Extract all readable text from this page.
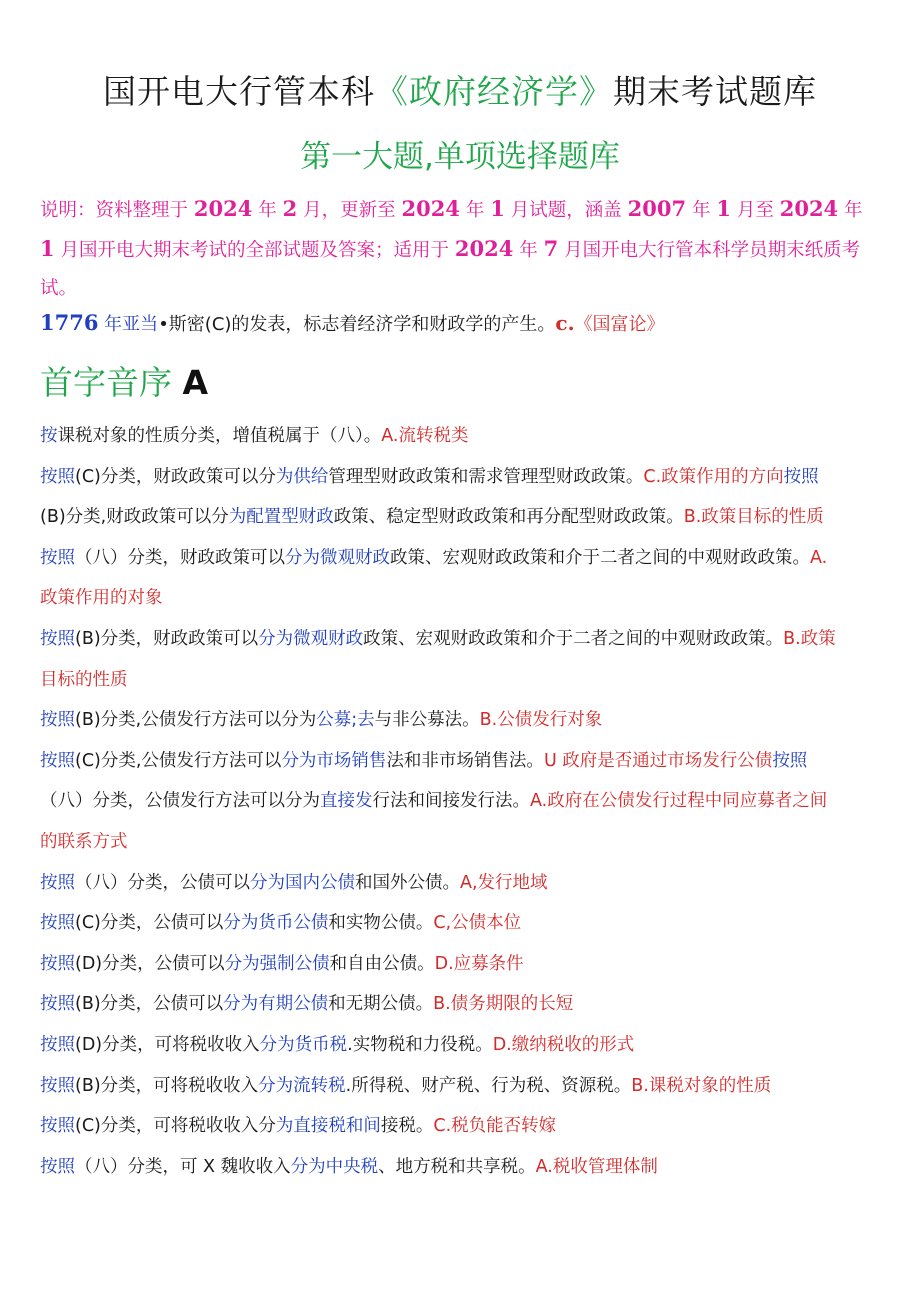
国开电大行管本科《政府经济学》期末考试题库
第一大题,单项选择题库
说明：资料整理于 2024 年 2 月，更新至 2024 年 1 月试题，涵盖 2007 年 1 月至 2024 年 1 月国开电大期末考试的全部试题及答案；适用于 2024 年 7 月国开电大行管本科学员期末纸质考试。
1776 年亚当•斯密(C)的发表，标志着经济学和财政学的产生。c.《国富论》
首字音序 A
按课税对象的性质分类，增值税属于（八）。A.流转税类
按照(C)分类，财政政策可以分为供给管理型财政政策和需求管理型财政政策。C.政策作用的方向按照
(B)分类,财政政策可以分为配置型财政政策、稳定型财政政策和再分配型财政政策。B.政策目标的性质
按照（八）分类，财政政策可以分为微观财政政策、宏观财政政策和介于二者之间的中观财政政策。A.
政策作用的对象
按照(B)分类，财政政策可以分为微观财政政策、宏观财政政策和介于二者之间的中观财政政策。B.政策
目标的性质
按照(B)分类,公债发行方法可以分为公募;去与非公募法。B.公债发行对象
按照(C)分类,公债发行方法可以分为市场销售法和非市场销售法。U 政府是否通过市场发行公债按照
（八）分类，公债发行方法可以分为直接发行法和间接发行法。A.政府在公债发行过程中同应募者之间
的联系方式
按照（八）分类，公债可以分为国内公债和国外公债。A,发行地域
按照(C)分类，公债可以分为货币公债和实物公债。C,公债本位
按照(D)分类，公债可以分为强制公债和自由公债。D.应募条件
按照(B)分类，公债可以分为有期公债和无期公债。B.债务期限的长短
按照(D)分类，可将税收收入分为货币税.实物税和力役税。D.缴纳税收的形式
按照(B)分类，可将税收收入分为流转税.所得税、财产税、行为税、资源税。B.课税对象的性质
按照(C)分类，可将税收收入分为直接税和间接税。C.税负能否转嫁
按照（八）分类，可 X 魏收收入分为中央税、地方税和共享税。A.税收管理体制
